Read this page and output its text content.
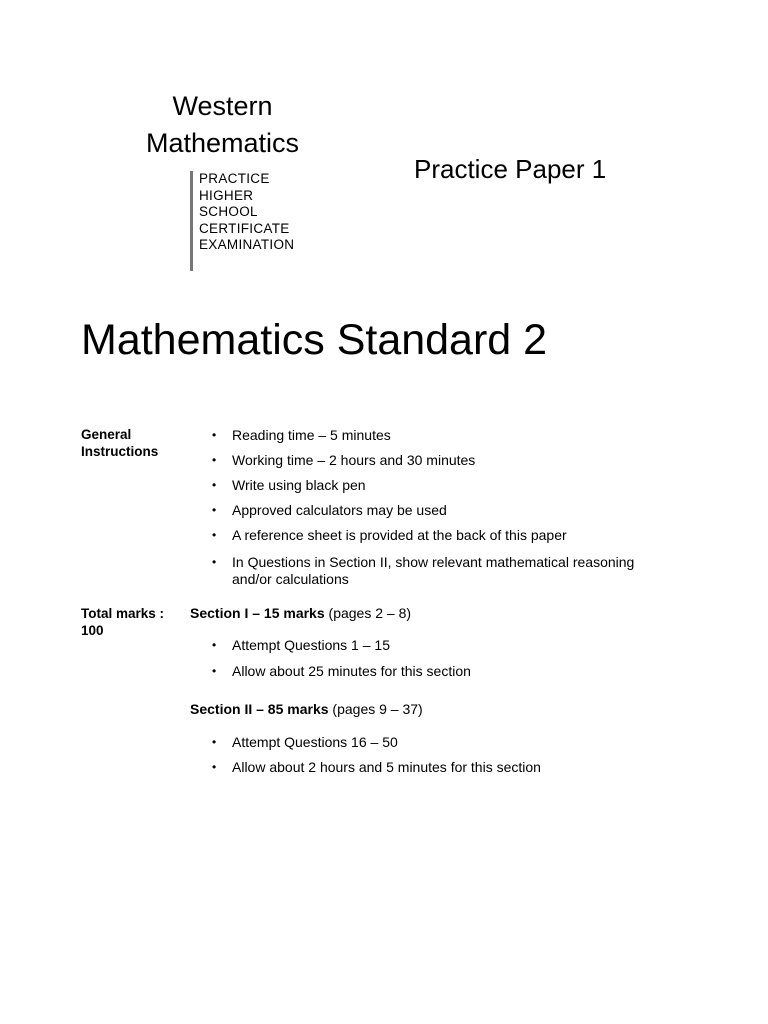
Western
Mathematics
PRACTICE
HIGHER
SCHOOL
CERTIFICATE
EXAMINATION
Practice Paper 1
Mathematics Standard 2
General
Instructions
• Reading time – 5 minutes
• Working time – 2 hours and 30 minutes
• Write using black pen
• Approved calculators may be used
• A reference sheet is provided at the back of this paper
• In Questions in Section II, show relevant mathematical reasoning
and/or calculations
Total marks :
100
Section I – 15 marks (pages 2 – 8)
• Attempt Questions 1 – 15
• Allow about 25 minutes for this section
Section II – 85 marks (pages 9 – 37)
• Attempt Questions 16 – 50
• Allow about 2 hours and 5 minutes for this section
